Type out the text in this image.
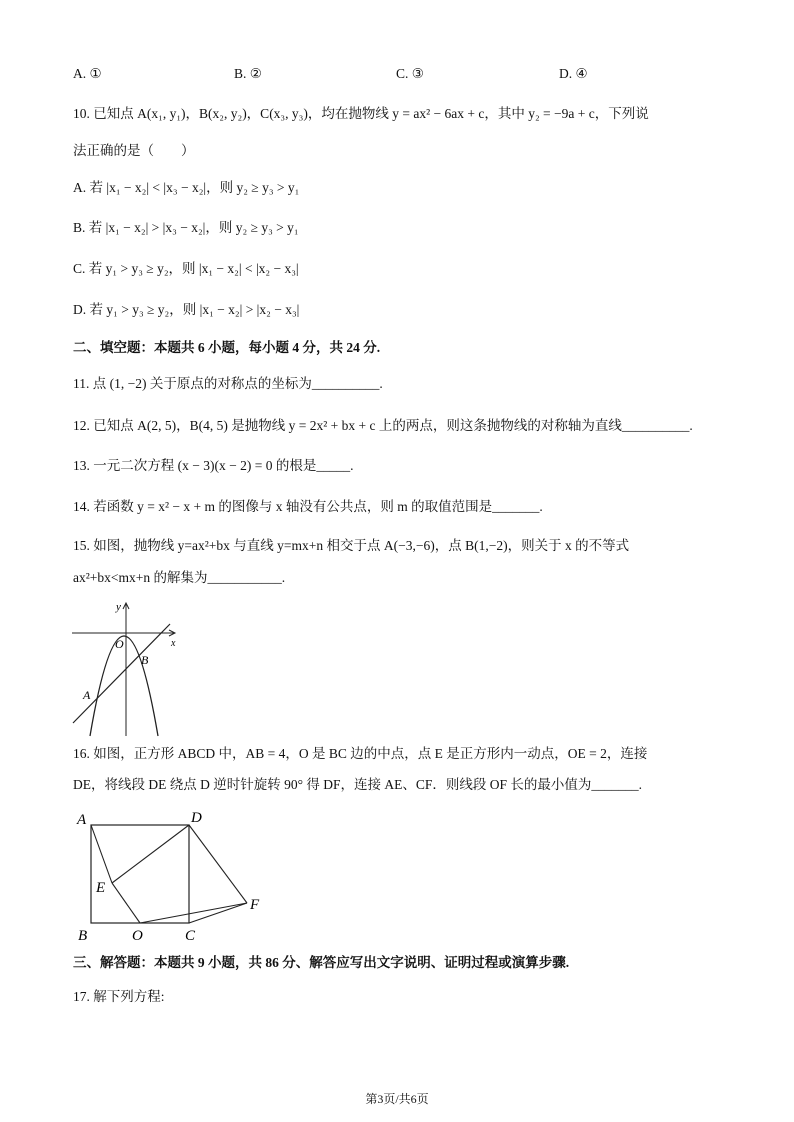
A. ①	B. ②	C. ③	D. ④
10. 已知点 A(x₁, y₁)，B(x₂, y₂)，C(x₃, y₃)，均在抛物线 y = ax² − 6ax + c，其中 y₂ = −9a + c，下列说
法正确的是（　　）
A. 若 |x₁ − x₂| < |x₃ − x₂|，则 y₂ ≥ y₃ > y₁
B. 若 |x₁ − x₂| > |x₃ − x₂|，则 y₂ ≥ y₃ > y₁
C. 若 y₁ > y₃ ≥ y₂，则 |x₁ − x₂| < |x₂ − x₃|
D. 若 y₁ > y₃ ≥ y₂，则 |x₁ − x₂| > |x₂ − x₃|
二、填空题：本题共 6 小题，每小题 4 分，共 24 分.
11. 点 (1, −2) 关于原点的对称点的坐标为__________.
12. 已知点 A(2, 5)，B(4, 5) 是抛物线 y = 2x² + bx + c 上的两点，则这条抛物线的对称轴为直线__________.
13. 一元二次方程 (x − 3)(x − 2) = 0 的根是_____.
14. 若函数 y = x² − x + m 的图像与 x 轴没有公共点，则 m 的取值范围是_______.
15. 如图，抛物线 y=ax²+bx 与直线 y=mx+n 相交于点 A(−3,−6)，点 B(1,−2)，则关于 x 的不等式
ax²+bx<mx+n 的解集为___________.
y
x
O
B
A
16. 如图，正方形 ABCD 中，AB = 4，O 是 BC 边的中点，点 E 是正方形内一动点，OE = 2，连接
DE，将线段 DE 绕点 D 逆时针旋转 90° 得 DF，连接 AE、CF．则线段 OF 长的最小值为_______.
A	D
E
F
B	O	C
三、解答题：本题共 9 小题，共 86 分、解答应写出文字说明、证明过程或演算步骤.
17. 解下列方程:
第3页/共6页
